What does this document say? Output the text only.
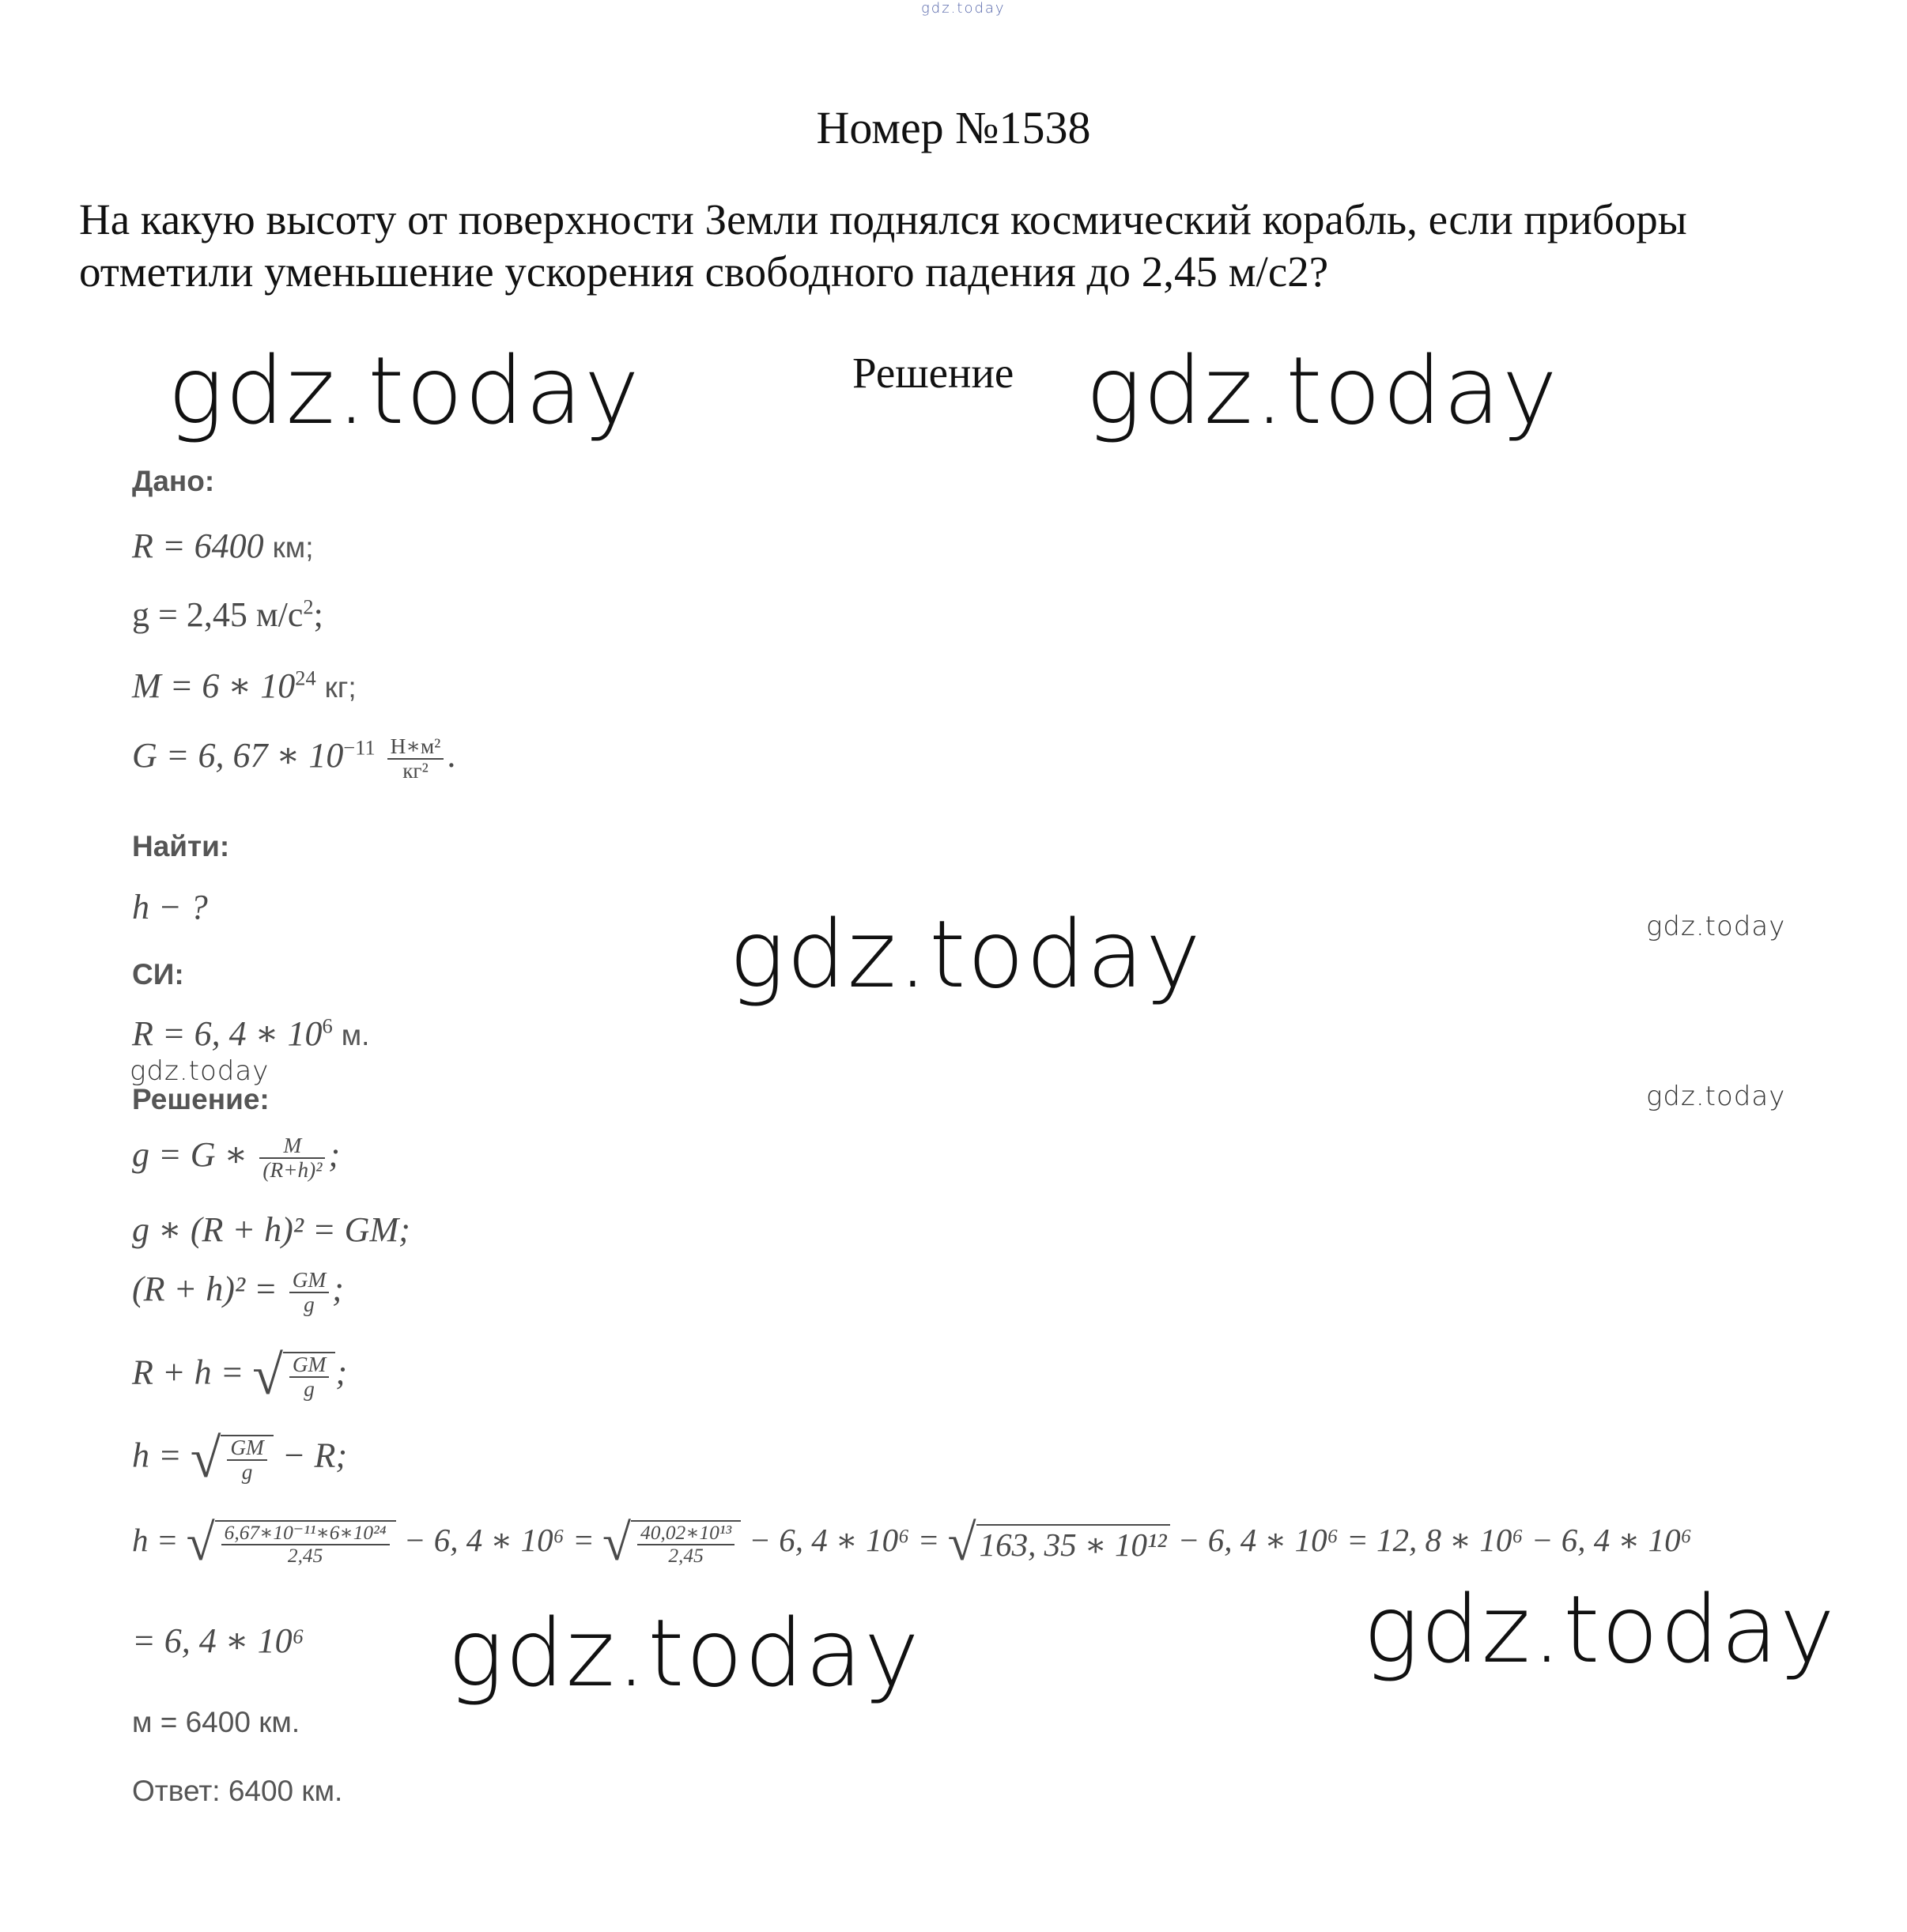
gdz.today
Номер №1538
На какую высоту от поверхности Земли поднялся космический корабль, если приборы отметили уменьшение ускорения свободного падения до 2,45 м/с2?
gdz.today	Решение gdz.today
Дано:
R = 6400 км;
g = 2,45 $м/с^2$;
M = 6 ∗ $10^{24}$ кг;
G = 6, 67 ∗ $10^{-11} \frac{\text{Н∗м²}}{\text{кг²}}$ .
Найти:
h − ?	gdz.today	gdz.today
СИ:
R = 6, 4 ∗ $10^6$ м.
gdz.today
Решение:	gdz.today
g = G ∗ $\frac{M}{\text{(R+h)²}}$ ;
g ∗ (R + h)² = GM;
$(R + h)^2 = \frac{GM}{g}$ ;
R + h = √ $\frac{GM}{g}$ ;
h = √ $\frac{GM}{g} - R$;
h = √ $\frac{\text{6,67∗10⁻¹¹∗6∗10²⁴}}{2,45} - 6$, 4 ∗ 10⁶ = √ $\frac{\text{40,02∗10¹³}}{2,45} - 6$, 4 ∗ 10⁶ = √163, 35 ∗ 10¹² − 6, 4 ∗ 10⁶ = 12, 8 ∗ 10⁶ − 6, 4 ∗ 10⁶
= 6, 4 ∗ 10⁶ gdz.today	gdz.today
м = 6400 км.
Ответ: 6400 км.
